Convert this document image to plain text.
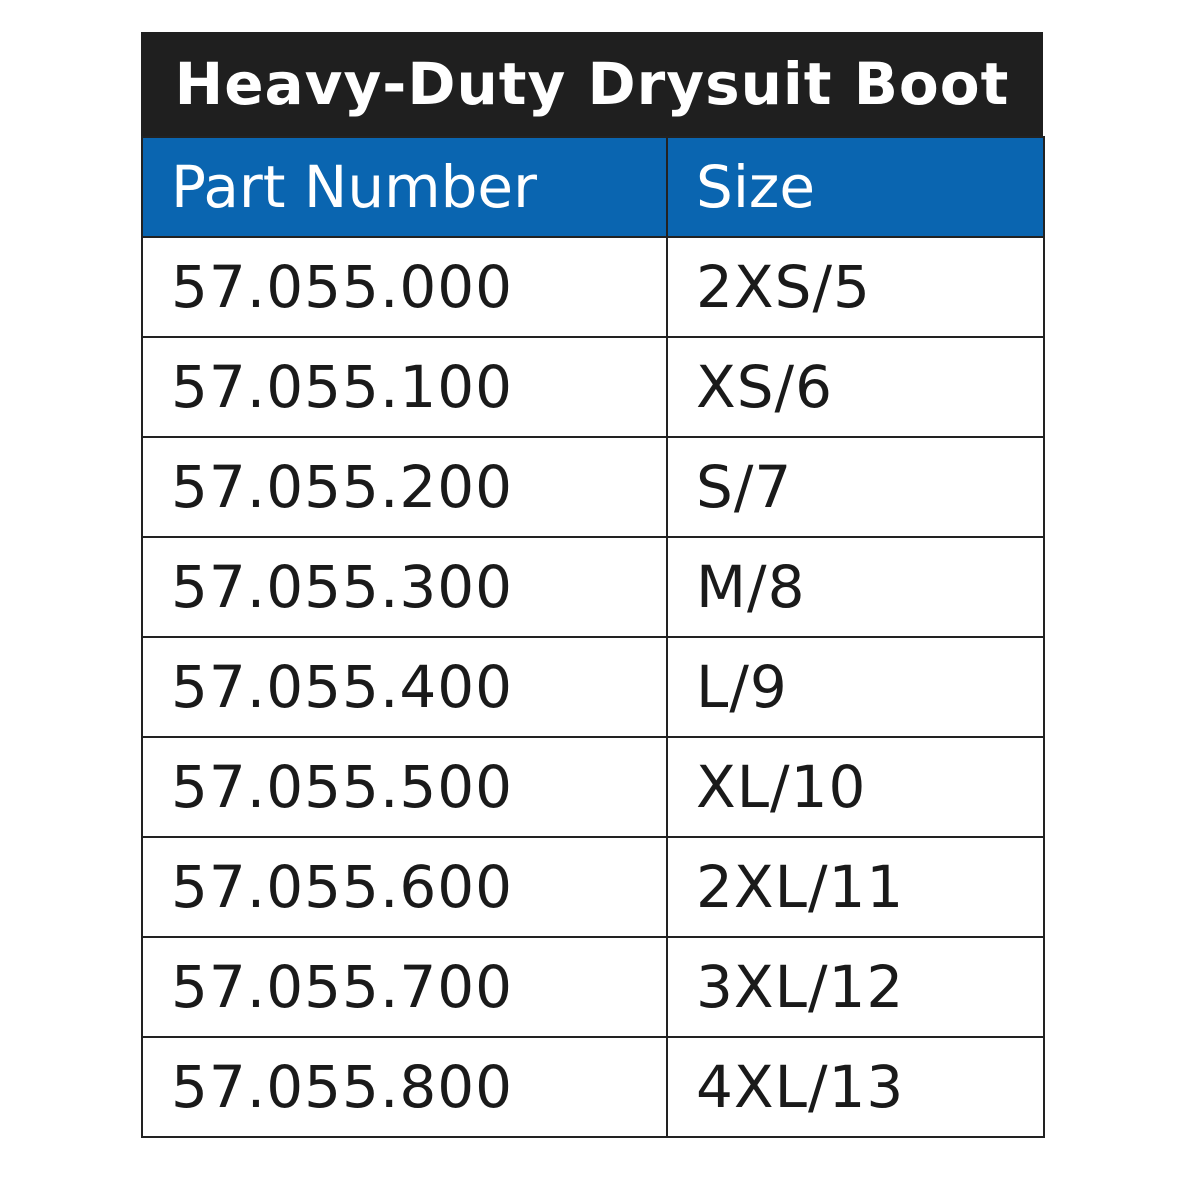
Heavy-Duty Drysuit Boot
Part Number	Size
57.055.000	2XS/5
57.055.100	XS/6
57.055.200	S/7
57.055.300	M/8
57.055.400	L/9
57.055.500	XL/10
57.055.600	2XL/11
57.055.700	3XL/12
57.055.800	4XL/13
